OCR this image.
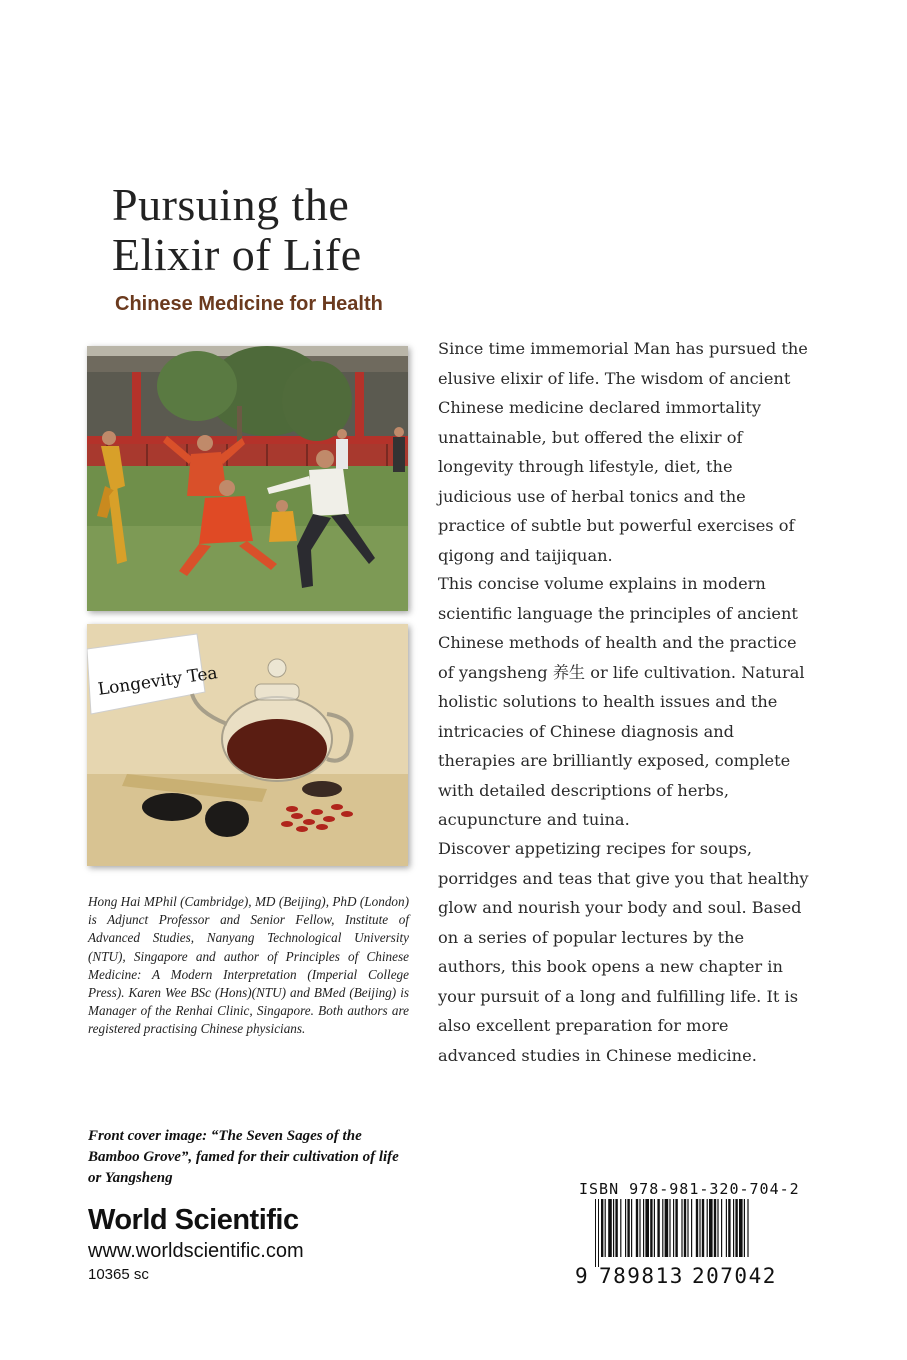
Pursuing the
Elixir of Life
Chinese Medicine for Health
Longevity Tea
Since time immemorial Man has pursued the elusive elixir of life. The wisdom of ancient Chinese medicine declared immortality unattainable, but offered the elixir of longevity through lifestyle, diet, the judicious use of herbal tonics and the practice of subtle but powerful exercises of qigong and taijiquan.
This concise volume explains in modern scientific language the principles of ancient Chinese methods of health and the practice of yangsheng 养生 or life cultivation. Natural holistic solutions to health issues and the intricacies of Chinese diagnosis and therapies are brilliantly exposed, complete with detailed descriptions of herbs, acupuncture and tuina.
Discover appetizing recipes for soups, porridges and teas that give you that healthy glow and nourish your body and soul. Based on a series of popular lectures by the authors, this book opens a new chapter in your pursuit of a long and fulfilling life. It is also excellent preparation for more advanced studies in Chinese medicine.
Hong Hai MPhil (Cambridge), MD (Beijing), PhD (London) is Adjunct Professor and Senior Fellow, Institute of Advanced Studies, Nanyang Technological University (NTU), Singapore and author of Principles of Chinese Medicine: A Modern Interpretation (Imperial College Press). Karen Wee BSc (Hons)(NTU) and BMed (Beijing) is Manager of the Renhai Clinic, Singapore. Both authors are registered practising Chinese physicians.
Front cover image: “The Seven Sages of the Bamboo Grove”, famed for their cultivation of life or Yangsheng
World Scientific
www.worldscientific.com
10365 sc
ISBN 978-981-320-704-2
9 789813 207042
